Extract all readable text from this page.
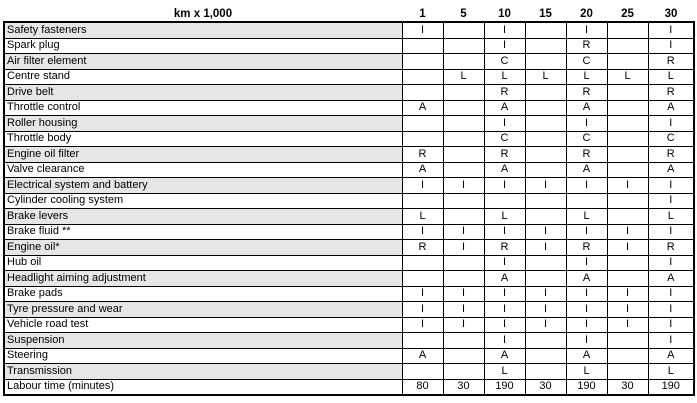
km x 1,000	1	5	10	15	20	25	30
Safety fasteners	I		I		I		I
Spark plug			I		R		I
Air filter element			C		C		R
Centre stand		L	L	L	L	L	L
Drive belt			R		R		R
Throttle control	A		A		A		A
Roller housing			I		I		I
Throttle body			C		C		C
Engine oil filter	R		R		R		R
Valve clearance	A		A		A		A
Electrical system and battery	I	I	I	I	I	I	I
Cylinder cooling system							I
Brake levers	L		L		L		L
Brake fluid **	I	I	I	I	I	I	I
Engine oil*	R	I	R	I	R	I	R
Hub oil			I		I		I
Headlight aiming adjustment			A		A		A
Brake pads	I	I	I	I	I	I	I
Tyre pressure and wear	I	I	I	I	I	I	I
Vehicle road test	I	I	I	I	I	I	I
Suspension			I		I		I
Steering	A		A		A		A
Transmission			L		L		L
Labour time (minutes)	80	30	190	30	190	30	190
